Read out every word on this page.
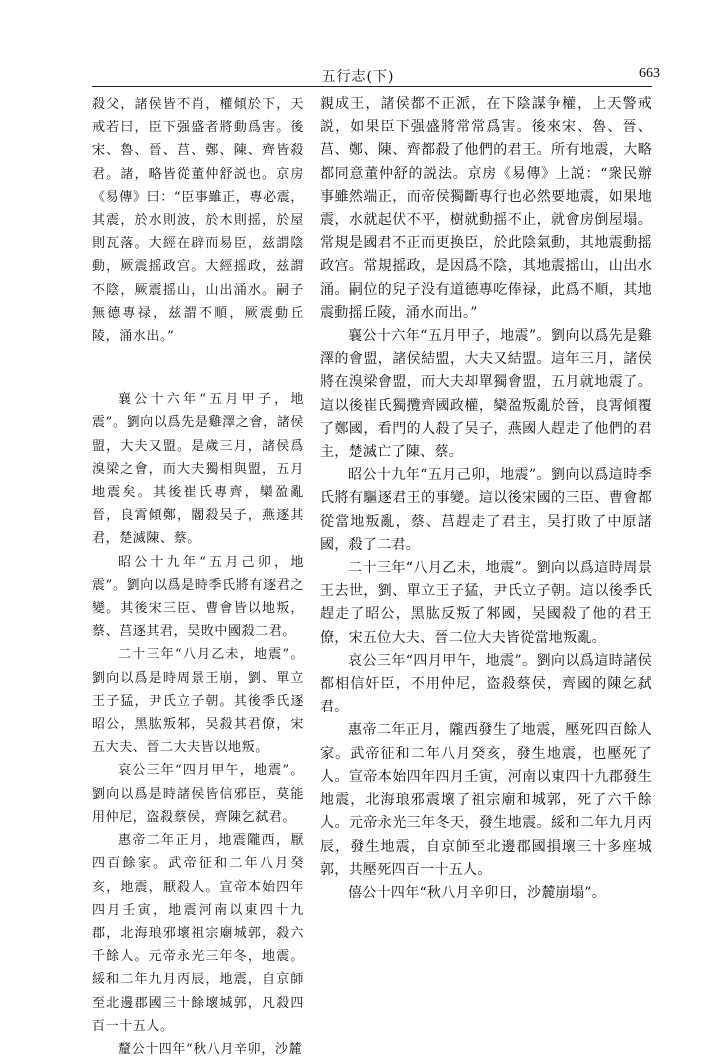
五行志(下)	663

殺父，諸侯皆不肖，權傾於下，天戒若曰，臣下强盛者將動爲害。後宋、魯、晉、莒、鄭、陳、齊皆殺君。諸，略皆從董仲舒説也。京房《易傳》曰：“臣事雖正，專必震，其震，於水則波，於木則摇，於屋則瓦落。大經在辟而易臣，兹謂陰動，厥震摇政宫。大經摇政，兹謂不陰，厥震摇山，山出涌水。嗣子無德專禄，兹謂不順，厥震動丘陵，涌水出。”

襄公十六年“五月甲子，地震”。劉向以爲先是雞澤之會，諸侯盟，大夫又盟。是歲三月，諸侯爲溴梁之會，而大夫獨相與盟，五月地震矣。其後崔氏專齊，欒盈亂晉，良霄傾鄭，閽殺吴子，燕逐其君，楚滅陳、蔡。

昭公十九年“五月己卯，地震”。劉向以爲是時季氏將有逐君之變。其後宋三臣、曹會皆以地叛，蔡、莒逐其君，吴敗中國殺二君。

二十三年“八月乙未，地震”。劉向以爲是時周景王崩，劉、單立王子猛，尹氏立子朝。其後季氏逐昭公，黑肱叛邾，吴殺其君僚，宋五大夫、晉二大夫皆以地叛。

哀公三年“四月甲午，地震”。劉向以爲是時諸侯皆信邪臣，莫能用仲尼，盗殺蔡侯，齊陳乞弑君。

惠帝二年正月，地震隴西，厭四百餘家。武帝征和二年八月癸亥，地震，厭殺人。宣帝本始四年四月壬寅，地震河南以東四十九郡，北海琅邪壞祖宗廟城郭，殺六千餘人。元帝永光三年冬，地震。綏和二年九月丙辰，地震，自京師至北邊郡國三十餘壞城郭，凡殺四百一十五人。

釐公十四年“秋八月辛卯，沙麓

親成王，諸侯都不正派，在下陰謀争權，上天警戒説，如果臣下强盛將常常爲害。後來宋、魯、晉、莒、鄭、陳、齊都殺了他們的君王。所有地震，大略都同意董仲舒的説法。京房《易傳》上説：“衆民辦事雖然端正，而帝侯獨斷專行也必然要地震，如果地震，水就起伏不平，樹就動摇不止，就會房倒屋塌。常規是國君不正而更换臣，於此陰氣動，其地震動摇政宫。常規摇政，是因爲不陰，其地震摇山，山出水涌。嗣位的兒子没有道德專吃俸禄，此爲不順，其地震動摇丘陵，涌水而出。”

襄公十六年“五月甲子，地震”。劉向以爲先是雞澤的會盟，諸侯結盟，大夫又結盟。這年三月，諸侯將在溴梁會盟，而大夫却單獨會盟，五月就地震了。這以後崔氏獨攬齊國政權，欒盈叛亂於晉，良霄傾覆了鄭國，看門的人殺了吴子，燕國人趕走了他們的君主，楚滅亡了陳、蔡。

昭公十九年“五月己卯，地震”。劉向以爲這時季氏將有驅逐君王的事變。這以後宋國的三臣、曹會都從當地叛亂，蔡、莒趕走了君主，吴打敗了中原諸國，殺了二君。

二十三年“八月乙未，地震”。劉向以爲這時周景王去世，劉、單立王子猛，尹氏立子朝。這以後季氏趕走了昭公，黑肱反叛了邾國，吴國殺了他的君王僚，宋五位大夫、晉二位大夫皆從當地叛亂。

哀公三年“四月甲午，地震”。劉向以爲這時諸侯都相信奸臣，不用仲尼，盗殺蔡侯，齊國的陳乞弑君。

惠帝二年正月，隴西發生了地震，壓死四百餘人家。武帝征和二年八月癸亥，發生地震，也壓死了人。宣帝本始四年四月壬寅，河南以東四十九郡發生地震，北海琅邪震壞了祖宗廟和城郭，死了六千餘人。元帝永光三年冬天，發生地震。綏和二年九月丙辰，發生地震，自京師至北邊郡國損壞三十多座城郭，共壓死四百一十五人。

僖公十四年“秋八月辛卯日，沙麓崩塌”。
